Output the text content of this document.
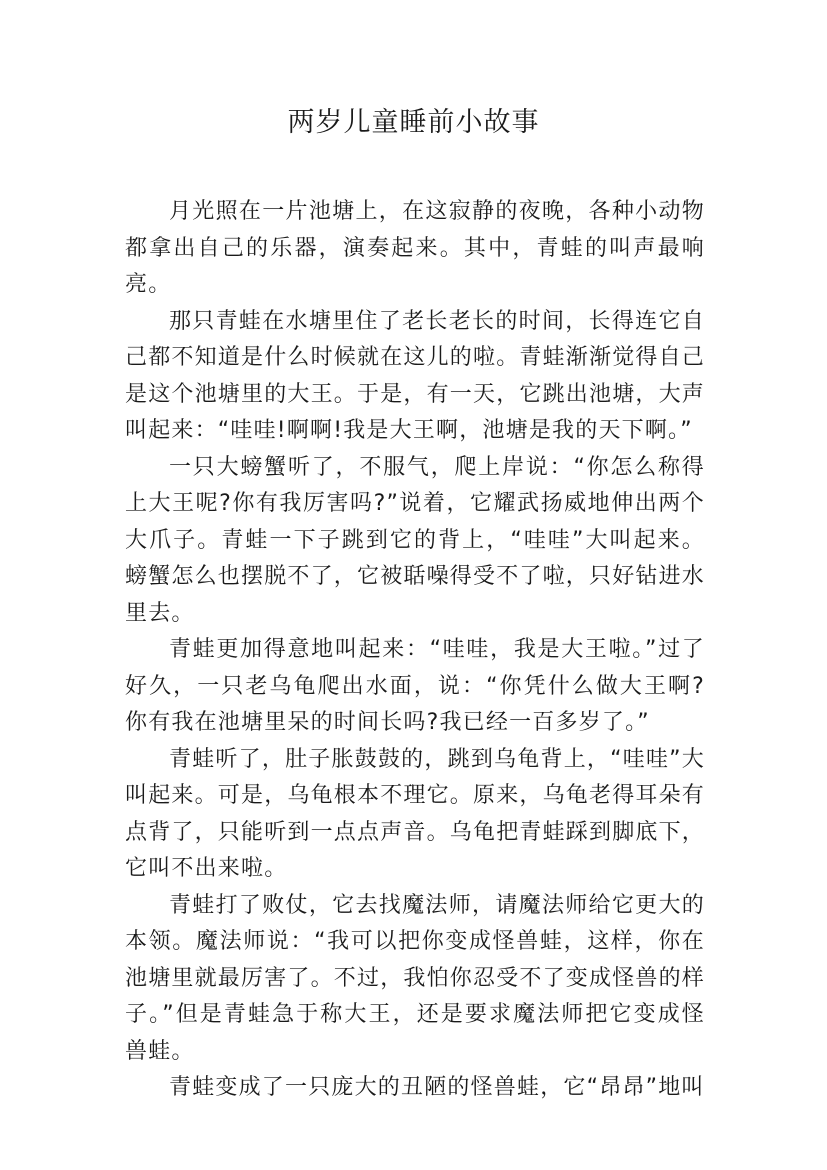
两岁儿童睡前小故事

月光照在一片池塘上，在这寂静的夜晚，各种小动物都拿出自己的乐器，演奏起来。其中，青蛙的叫声最响亮。

那只青蛙在水塘里住了老长老长的时间，长得连它自己都不知道是什么时候就在这儿的啦。青蛙渐渐觉得自己是这个池塘里的大王。于是，有一天，它跳出池塘，大声叫起来：“哇哇!啊啊!我是大王啊，池塘是我的天下啊。”

一只大螃蟹听了，不服气，爬上岸说：“你怎么称得上大王呢?你有我厉害吗?”说着，它耀武扬威地伸出两个大爪子。青蛙一下子跳到它的背上，“哇哇”大叫起来。螃蟹怎么也摆脱不了，它被聒噪得受不了啦，只好钻进水里去。

青蛙更加得意地叫起来：“哇哇，我是大王啦。”过了好久，一只老乌龟爬出水面，说：“你凭什么做大王啊?你有我在池塘里呆的时间长吗?我已经一百多岁了。”

青蛙听了，肚子胀鼓鼓的，跳到乌龟背上，“哇哇”大叫起来。可是，乌龟根本不理它。原来，乌龟老得耳朵有点背了，只能听到一点点声音。乌龟把青蛙踩到脚底下，它叫不出来啦。

青蛙打了败仗，它去找魔法师，请魔法师给它更大的本领。魔法师说：“我可以把你变成怪兽蛙，这样，你在池塘里就最厉害了。不过，我怕你忍受不了变成怪兽的样子。”但是青蛙急于称大王，还是要求魔法师把它变成怪兽蛙。

青蛙变成了一只庞大的丑陋的怪兽蛙，它“昂昂”地叫
